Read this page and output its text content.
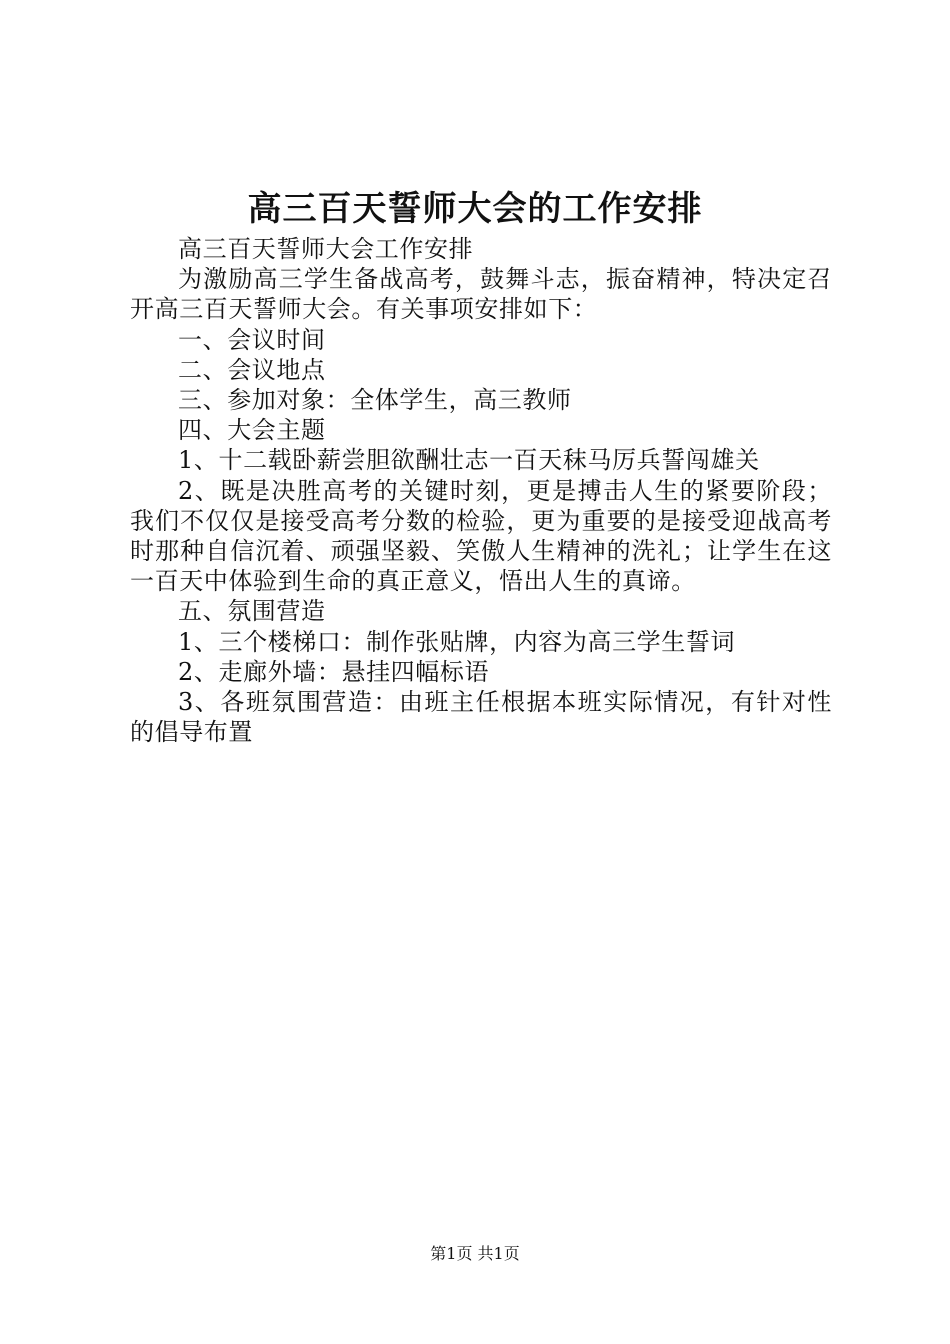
高三百天誓师大会的工作安排

高三百天誓师大会工作安排

为激励高三学生备战高考，鼓舞斗志，振奋精神，特决定召开高三百天誓师大会。有关事项安排如下：

一、会议时间

二、会议地点

三、参加对象：全体学生，高三教师

四、大会主题

1、十二载卧薪尝胆欲酬壮志一百天秣马厉兵誓闯雄关

2、既是决胜高考的关键时刻，更是搏击人生的紧要阶段；我们不仅仅是接受高考分数的检验，更为重要的是接受迎战高考时那种自信沉着、顽强坚毅、笑傲人生精神的洗礼；让学生在这一百天中体验到生命的真正意义，悟出人生的真谛。

五、氛围营造

1、三个楼梯口：制作张贴牌，内容为高三学生誓词

2、走廊外墙：悬挂四幅标语

3、各班氛围营造：由班主任根据本班实际情况，有针对性的倡导布置

第1页 共1页
